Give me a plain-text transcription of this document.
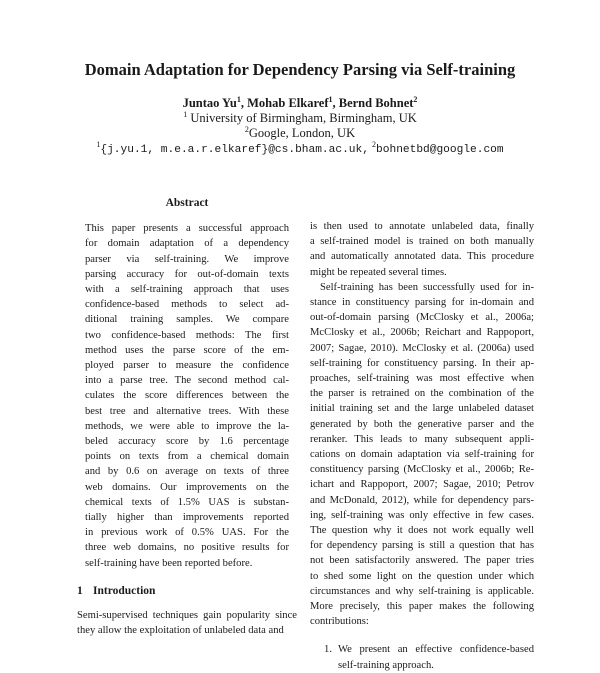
Domain Adaptation for Dependency Parsing via Self-training
Juntao Yu$^1$, Mohab Elkaref$^1$, Bernd Bohnet$^2$
$^1$ University of Birmingham, Birmingham, UK
$^2$Google, London, UK
$^1${j.yu.1, m.e.a.r.elkaref}@cs.bham.ac.uk, $^2$bohnetbd@google.com
Abstract
This paper presents a successful approach
for domain adaptation of a dependency
parser via self-training. We improve
parsing accuracy for out-of-domain texts
with a self-training approach that uses
confidence-based methods to select ad-
ditional training samples. We compare
two confidence-based methods: The first
method uses the parse score of the em-
ployed parser to measure the confidence
into a parse tree. The second method cal-
culates the score differences between the
best tree and alternative trees. With these
methods, we were able to improve the la-
beled accuracy score by 1.6 percentage
points on texts from a chemical domain
and by 0.6 on average on texts of three
web domains. Our improvements on the
chemical texts of 1.5% UAS is substan-
tially higher than improvements reported
in previous work of 0.5% UAS. For the
three web domains, no positive results for
self-training have been reported before.
1 Introduction
Semi-supervised techniques gain popularity since
they allow the exploitation of unlabeled data and
is then used to annotate unlabeled data, finally
a self-trained model is trained on both manually
and automatically annotated data. This procedure
might be repeated several times.
Self-training has been successfully used for in-
stance in constituency parsing for in-domain and
out-of-domain parsing (McClosky et al., 2006a;
McClosky et al., 2006b; Reichart and Rappoport,
2007; Sagae, 2010). McClosky et al. (2006a) used
self-training for constituency parsing. In their ap-
proaches, self-training was most effective when
the parser is retrained on the combination of the
initial training set and the large unlabeled dataset
generated by both the generative parser and the
reranker. This leads to many subsequent appli-
cations on domain adaptation via self-training for
constituency parsing (McClosky et al., 2006b; Re-
ichart and Rappoport, 2007; Sagae, 2010; Petrov
and McDonald, 2012), while for dependency pars-
ing, self-training was only effective in few cases.
The question why it does not work equally well
for dependency parsing is still a question that has
not been satisfactorily answered. The paper tries
to shed some light on the question under which
circumstances and why self-training is applicable.
More precisely, this paper makes the following
contributions:
1. We present an effective confidence-based
self-training approach.
